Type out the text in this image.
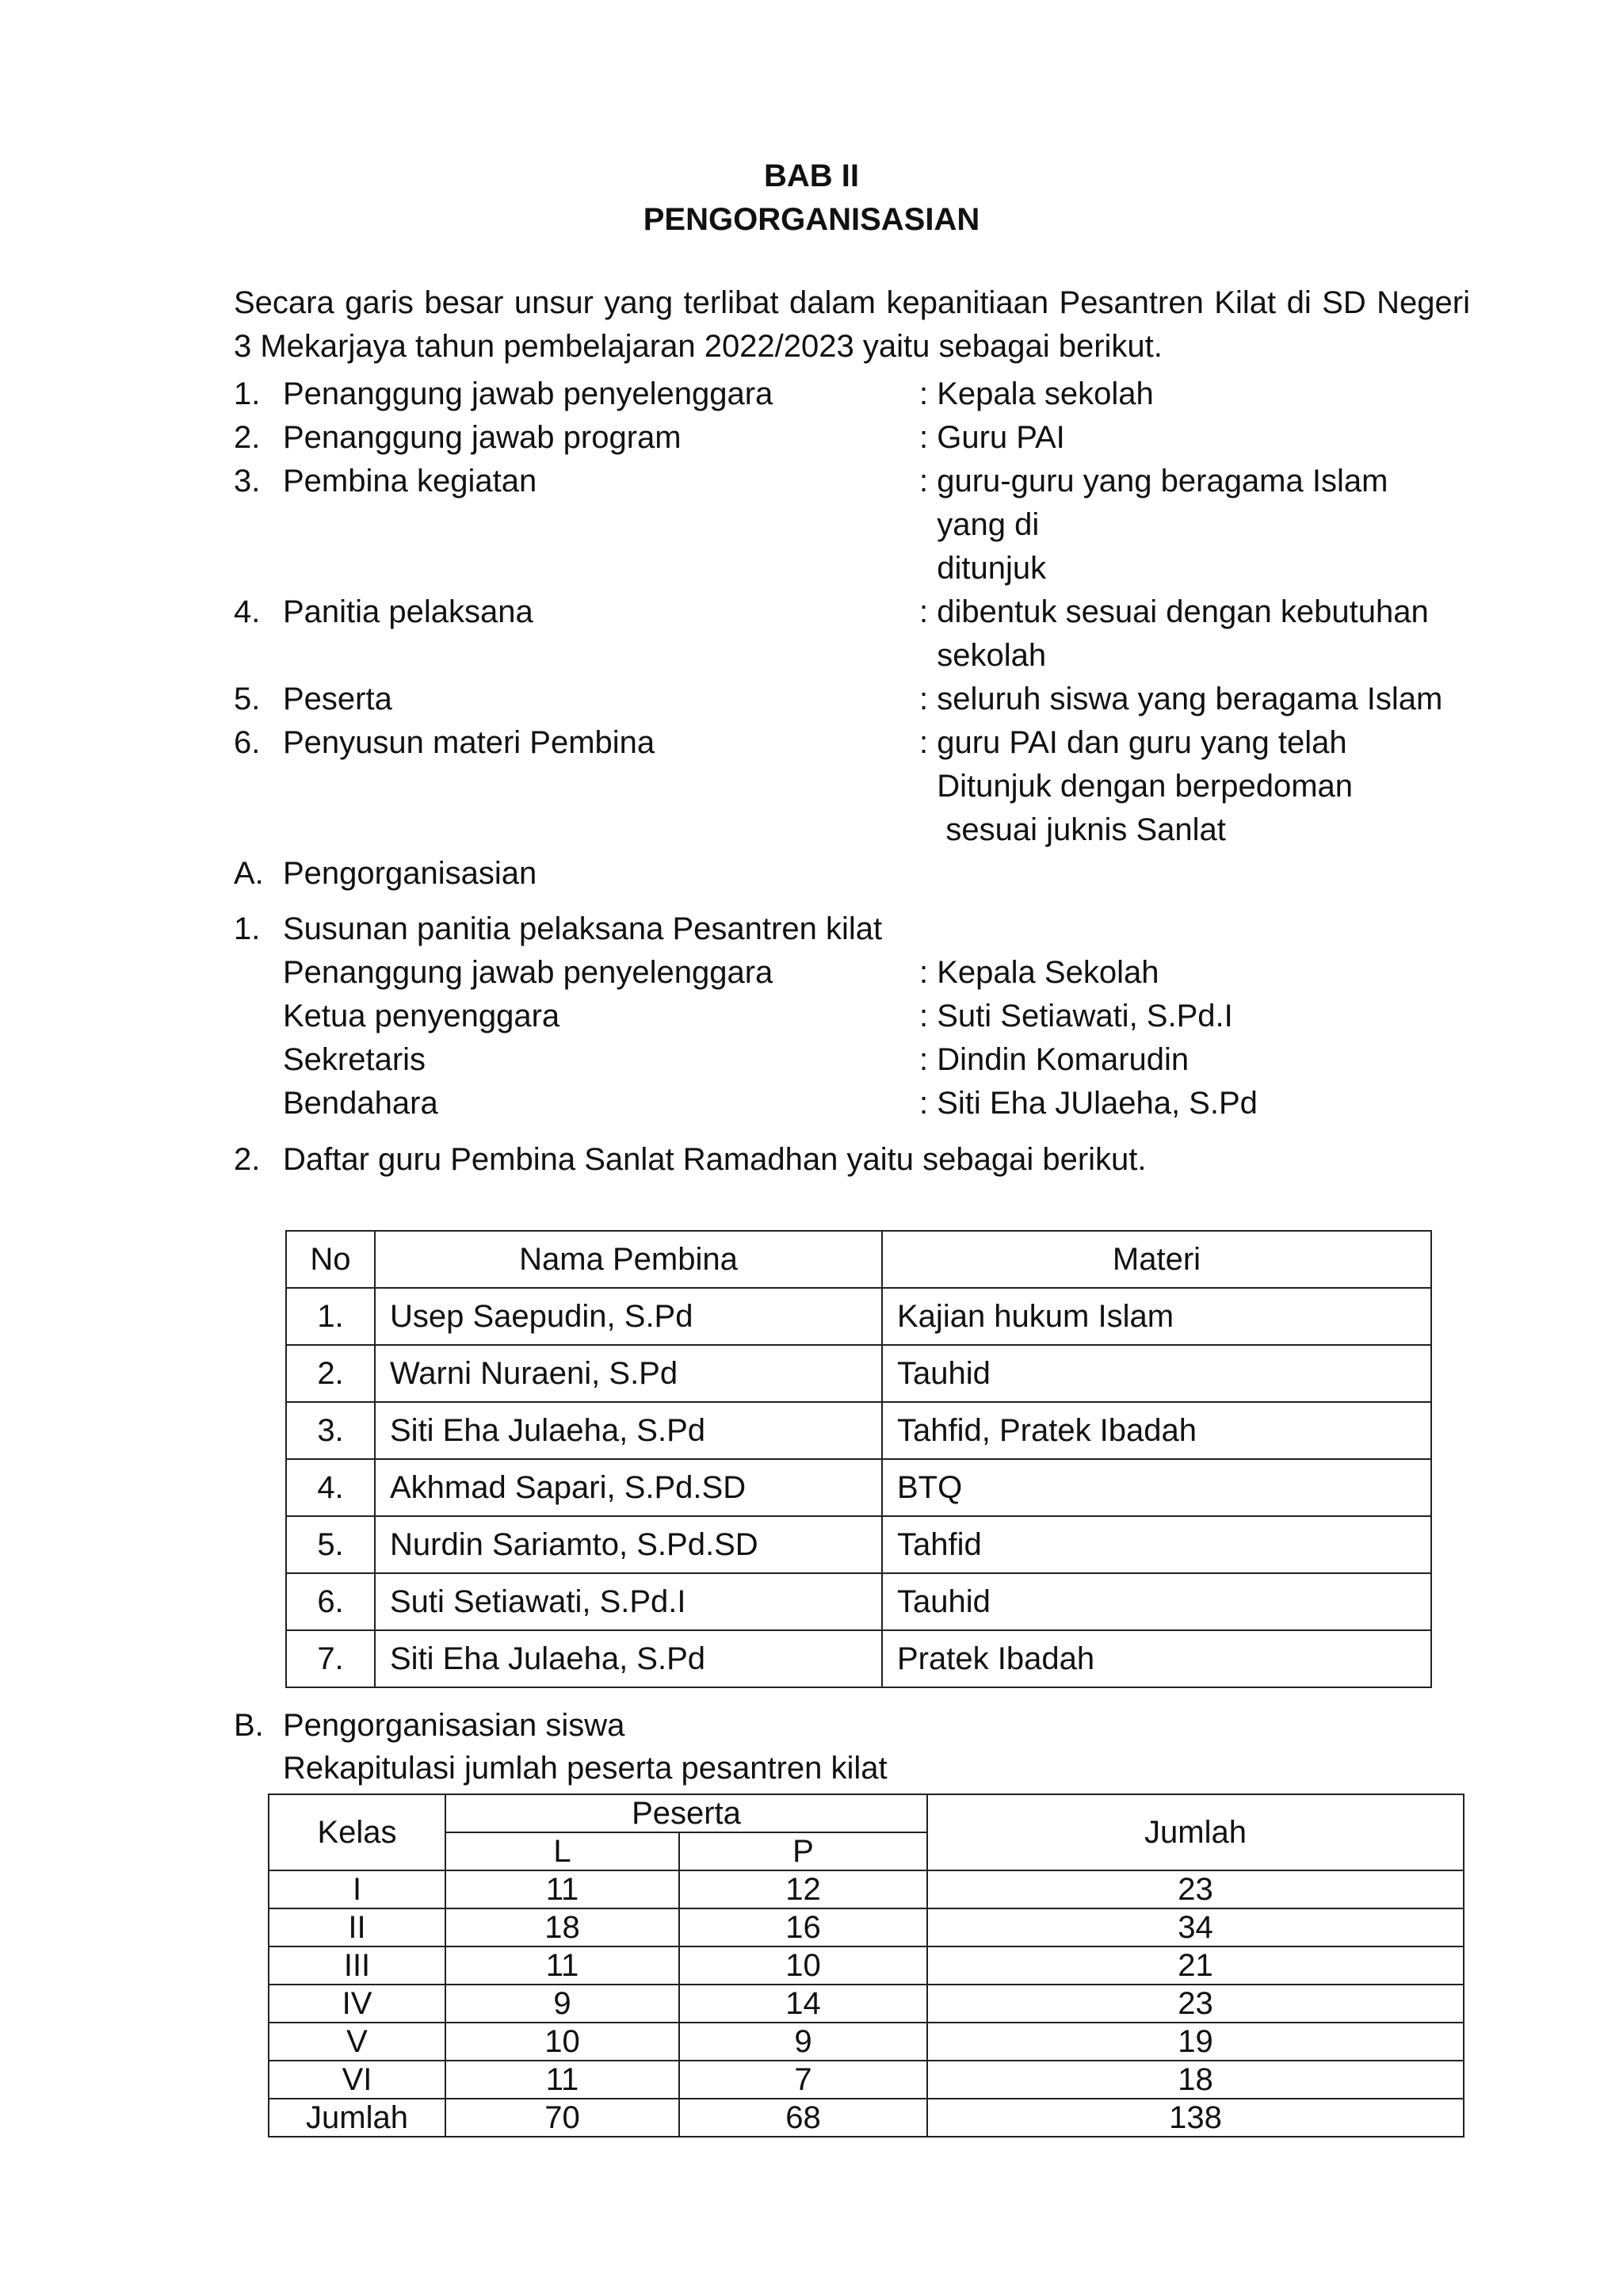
BAB II
PENGORGANISASIAN
Secara garis besar unsur yang terlibat dalam kepanitiaan Pesantren Kilat di SD Negeri 3 Mekarjaya tahun pembelajaran 2022/2023 yaitu sebagai berikut.
1. Penanggung jawab penyelenggara	: Kepala sekolah
2. Penanggung jawab program	: Guru PAI
3. Pembina kegiatan	: guru-guru yang beragama Islam
yang di
ditunjuk
4. Panitia pelaksana	: dibentuk sesuai dengan kebutuhan
sekolah
5. Peserta	: seluruh siswa yang beragama Islam
6. Penyusun materi Pembina	: guru PAI dan guru yang telah
Ditunjuk dengan berpedoman
sesuai juknis Sanlat
A. Pengorganisasian
1. Susunan panitia pelaksana Pesantren kilat
Penanggung jawab penyelenggara	: Kepala Sekolah
Ketua penyenggara	: Suti Setiawati, S.Pd.I
Sekretaris	: Dindin Komarudin
Bendahara	: Siti Eha JUlaeha, S.Pd
2. Daftar guru Pembina Sanlat Ramadhan yaitu sebagai berikut.
No	Nama Pembina	Materi
1.	Usep Saepudin, S.Pd	Kajian hukum Islam
2.	Warni Nuraeni, S.Pd	Tauhid
3.	Siti Eha Julaeha, S.Pd	Tahfid, Pratek Ibadah
4.	Akhmad Sapari, S.Pd.SD	BTQ
5.	Nurdin Sariamto, S.Pd.SD	Tahfid
6.	Suti Setiawati, S.Pd.I	Tauhid
7.	Siti Eha Julaeha, S.Pd	Pratek Ibadah
B. Pengorganisasian siswa
Rekapitulasi jumlah peserta pesantren kilat
Kelas	Peserta		Jumlah
	L	P	
I	11	12	23
II	18	16	34
III	11	10	21
IV	9	14	23
V	10	9	19
VI	11	7	18
Jumlah	70	68	138
